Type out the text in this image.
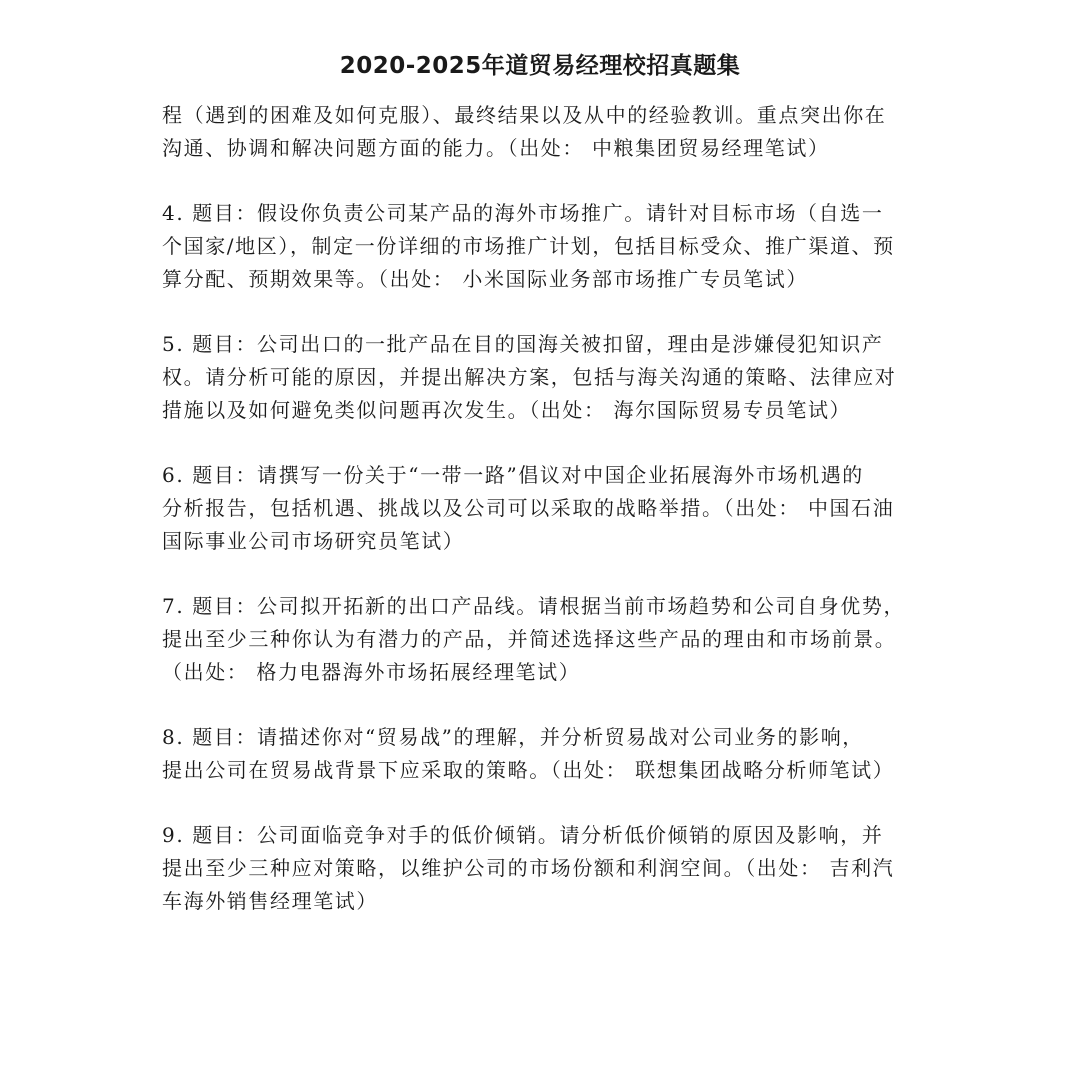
2020-2025年道贸易经理校招真题集
程（遇到的困难及如何克服）、最终结果以及从中的经验教训。重点突出你在
沟通、协调和解决问题方面的能力。（出处： 中粮集团贸易经理笔试）
4. 题目：假设你负责公司某产品的海外市场推广。请针对目标市场（自选一
个国家/地区），制定一份详细的市场推广计划，包括目标受众、推广渠道、预
算分配、预期效果等。（出处： 小米国际业务部市场推广专员笔试）
5. 题目：公司出口的一批产品在目的国海关被扣留，理由是涉嫌侵犯知识产
权。请分析可能的原因，并提出解决方案，包括与海关沟通的策略、法律应对
措施以及如何避免类似问题再次发生。（出处： 海尔国际贸易专员笔试）
6. 题目：请撰写一份关于“一带一路”倡议对中国企业拓展海外市场机遇的
分析报告，包括机遇、挑战以及公司可以采取的战略举措。（出处： 中国石油
国际事业公司市场研究员笔试）
7. 题目：公司拟开拓新的出口产品线。请根据当前市场趋势和公司自身优势，
提出至少三种你认为有潜力的产品，并简述选择这些产品的理由和市场前景。
（出处： 格力电器海外市场拓展经理笔试）
8. 题目：请描述你对“贸易战”的理解，并分析贸易战对公司业务的影响，
提出公司在贸易战背景下应采取的策略。（出处： 联想集团战略分析师笔试）
9. 题目：公司面临竞争对手的低价倾销。请分析低价倾销的原因及影响，并
提出至少三种应对策略，以维护公司的市场份额和利润空间。（出处： 吉利汽
车海外销售经理笔试）
